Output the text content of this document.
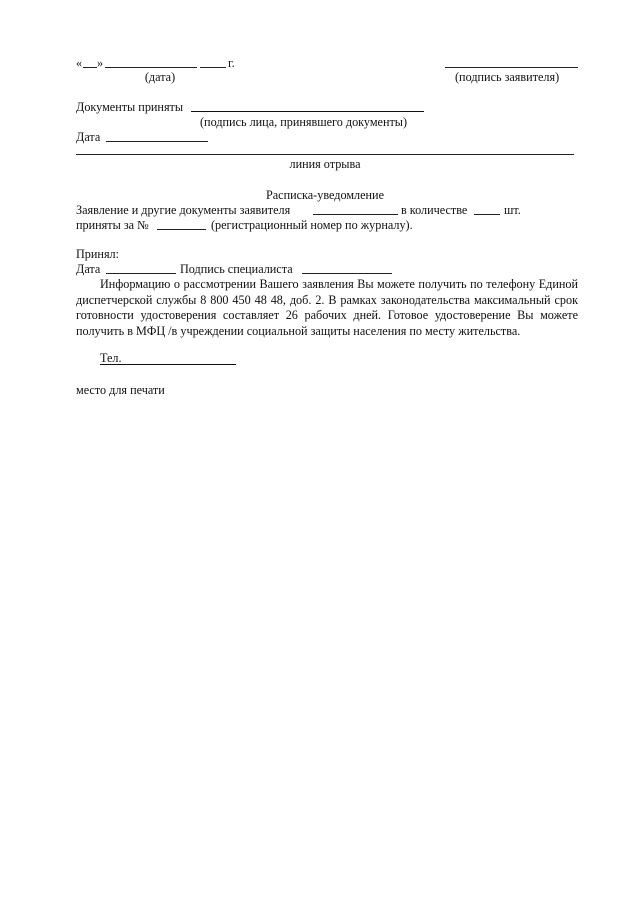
« »	г.
(дата)	(подпись заявителя)
Документы приняты
(подпись лица, принявшего документы)
Дата
линия отрыва
Расписка-уведомление
Заявление и другие документы заявителя	в количестве	шт.
приняты за №	(регистрационный номер по журналу).
Принял:
Дата	Подпись специалиста
Информацию о рассмотрении Вашего заявления Вы можете получить по телефону Единой диспетчерской службы 8 800 450 48 48, доб. 2. В рамках законодательства максимальный срок готовности удостоверения составляет 26 рабочих дней. Готовое удостоверение Вы можете получить в МФЦ /в учреждении социальной защиты населения по месту жительства.
Тел.
место для печати
